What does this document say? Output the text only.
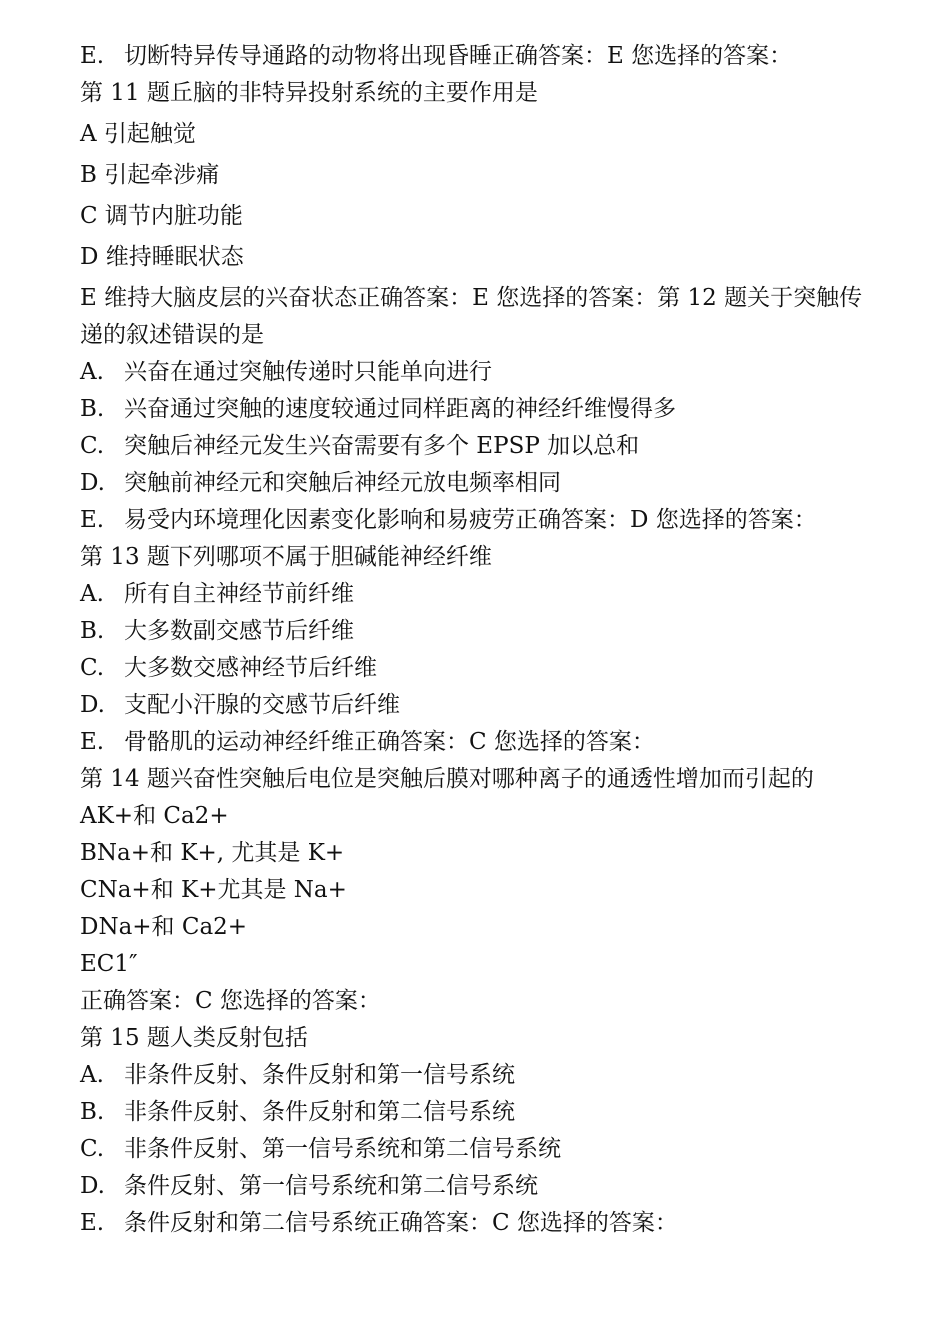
E. 切断特异传导通路的动物将出现昏睡正确答案：E 您选择的答案：
第 11 题丘脑的非特异投射系统的主要作用是
A 引起触觉
B 引起牵涉痛
C 调节内脏功能
D 维持睡眠状态
E 维持大脑皮层的兴奋状态正确答案：E 您选择的答案：第 12 题关于突触传递的叙述错误的是
A. 兴奋在通过突触传递时只能单向进行
B. 兴奋通过突触的速度较通过同样距离的神经纤维慢得多
C. 突触后神经元发生兴奋需要有多个 EPSP 加以总和
D. 突触前神经元和突触后神经元放电频率相同
E. 易受内环境理化因素变化影响和易疲劳正确答案：D 您选择的答案：
第 13 题下列哪项不属于胆碱能神经纤维
A. 所有自主神经节前纤维
B. 大多数副交感节后纤维
C. 大多数交感神经节后纤维
D. 支配小汗腺的交感节后纤维
E. 骨骼肌的运动神经纤维正确答案：C 您选择的答案：
第 14 题兴奋性突触后电位是突触后膜对哪种离子的通透性增加而引起的
AK+和 Ca2+
BNa+和 K+, 尤其是 K+
CNa+和 K+尤其是 Na+
DNa+和 Ca2+
EC1″
正确答案：C 您选择的答案：
第 15 题人类反射包括
A. 非条件反射、条件反射和第一信号系统
B. 非条件反射、条件反射和第二信号系统
C. 非条件反射、第一信号系统和第二信号系统
D. 条件反射、第一信号系统和第二信号系统
E. 条件反射和第二信号系统正确答案：C 您选择的答案：
